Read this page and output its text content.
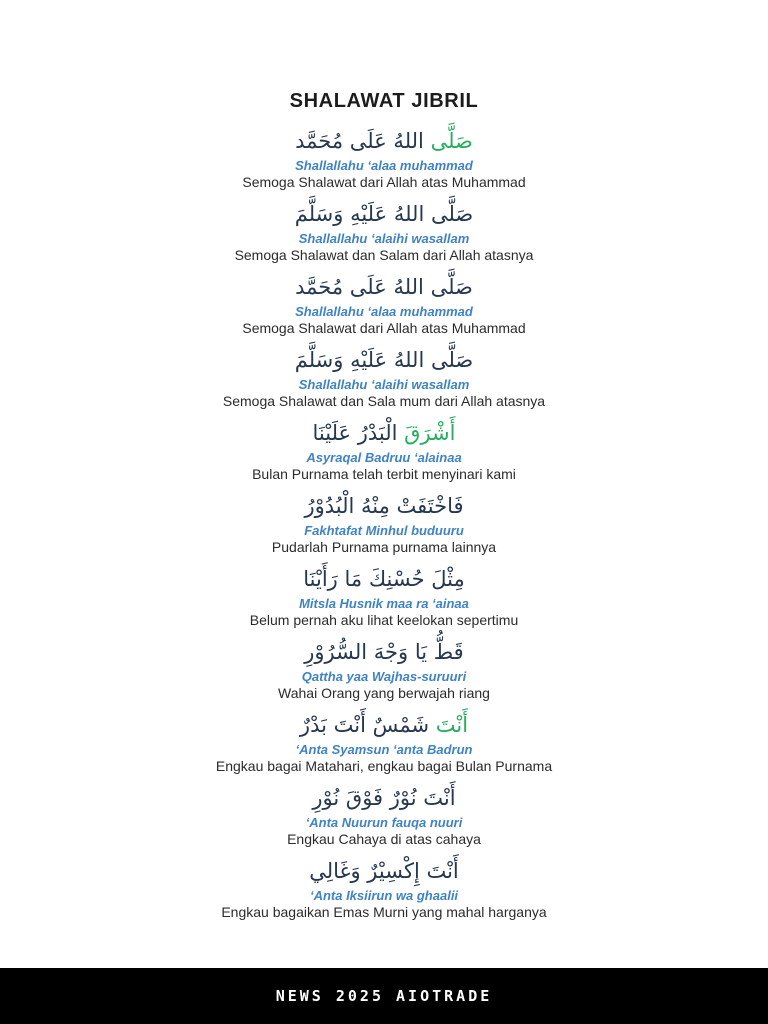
SHALAWAT JIBRIL
صَلَّى اللهُ عَلَى مُحَمَّد
Shallallahu ‘alaa muhammad
Semoga Shalawat dari Allah atas Muhammad
صَلَّى اللهُ عَلَيْهِ وَسَلَّمَ
Shallallahu ‘alaihi wasallam
Semoga Shalawat dan Salam dari Allah atasnya
صَلَّى اللهُ عَلَى مُحَمَّد
Shallallahu ‘alaa muhammad
Semoga Shalawat dari Allah atas Muhammad
صَلَّى اللهُ عَلَيْهِ وَسَلَّمَ
Shallallahu ‘alaihi wasallam
Semoga Shalawat dan Sala mum dari Allah atasnya
أَشْرَقَ الْبَدْرُ عَلَيْنَا
Asyraqal Badruu ‘alainaa
Bulan Purnama telah terbit menyinari kami
فَاخْتَفَتْ مِنْهُ الْبُدُوْرُ
Fakhtafat Minhul buduuru
Pudarlah Purnama purnama lainnya
مِثْلَ حُسْنِكَ مَا رَأَيْنَا
Mitsla Husnik maa ra ‘ainaa
Belum pernah aku lihat keelokan sepertimu
قَطُّ يَا وَجْهَ السُّرُوْرِ
Qattha yaa Wajhas-suruuri
Wahai Orang yang berwajah riang
أَنْتَ شَمْسٌ أَنْتَ بَدْرٌ
‘Anta Syamsun ‘anta Badrun
Engkau bagai Matahari, engkau bagai Bulan Purnama
أَنْتَ نُوْرٌ فَوْقَ نُوْرِ
‘Anta Nuurun fauqa nuuri
Engkau Cahaya di atas cahaya
أَنْتَ إِكْسِيْرٌ وَغَالِي
‘Anta Iksiirun wa ghaalii
Engkau bagaikan Emas Murni yang mahal harganya
NEWS 2025 AIOTRADE
